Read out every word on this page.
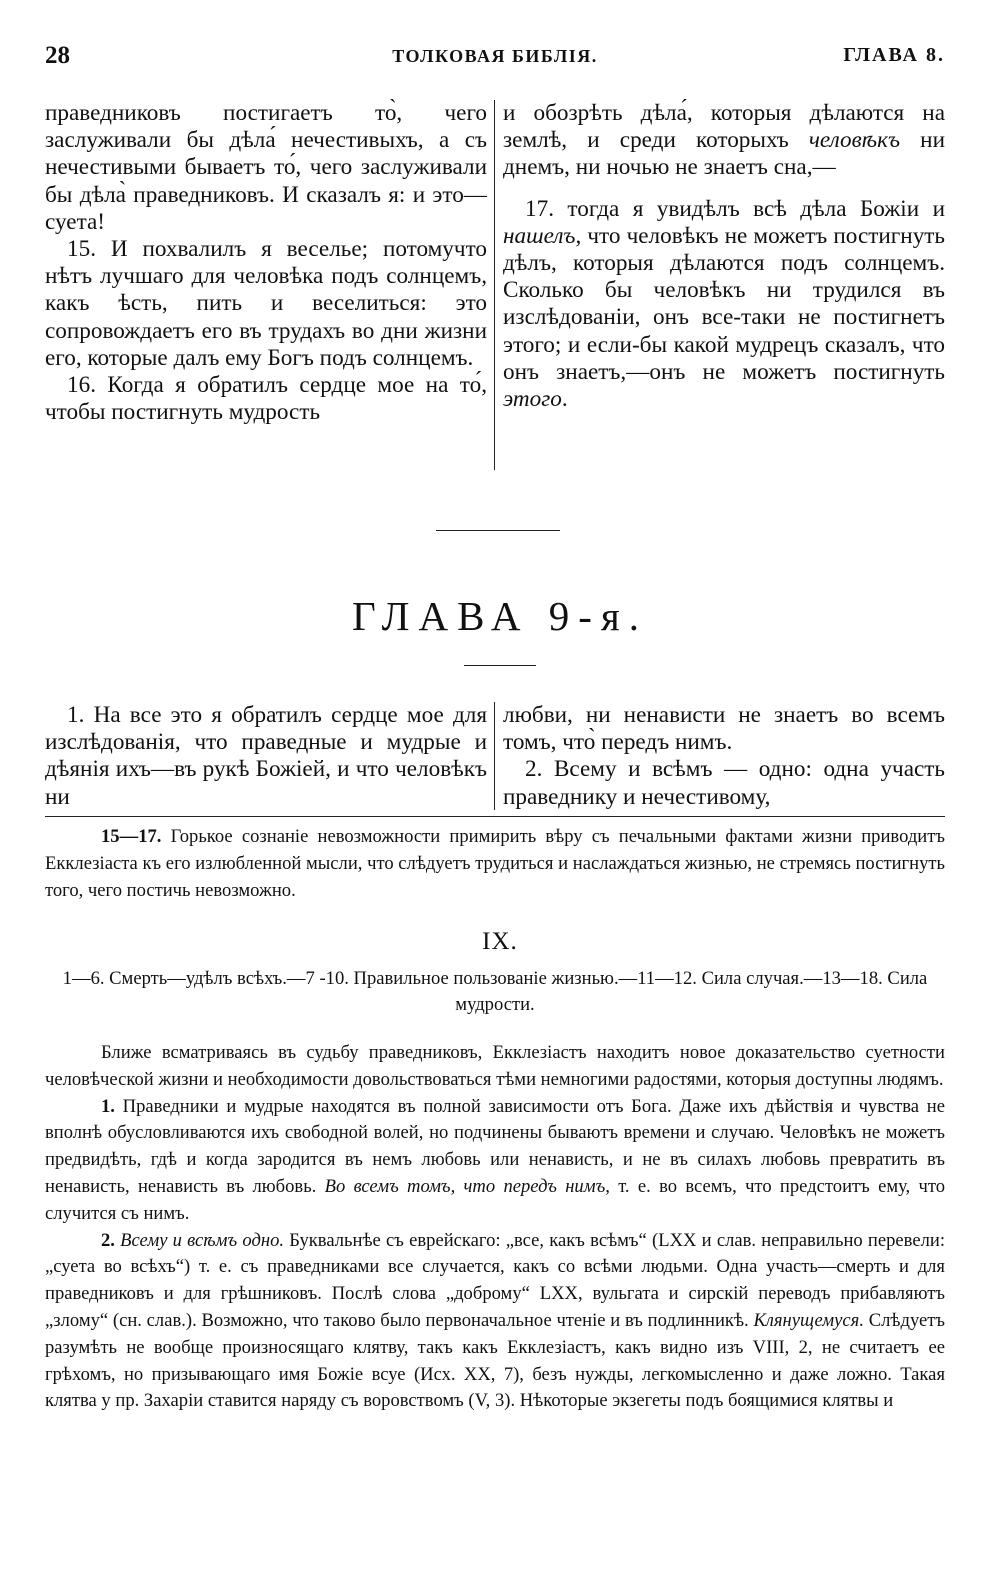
28	ТОЛКОВАЯ БИБЛІЯ.	ГЛАВА 8.

праведниковъ постигаетъ то̀, чего заслуживали бы дѣла́ нечестивыхъ, а съ нечестивыми бываетъ то́, чего заслуживали бы дѣла̀ праведниковъ. И сказалъ я: и это—суета!

15. И похвалилъ я веселье; потомучто нѣтъ лучшаго для человѣка подъ солнцемъ, какъ ѣсть, пить и веселиться: это сопровождаетъ его въ трудахъ во дни жизни его, которые далъ ему Богъ подъ солнцемъ.

16. Когда я обратилъ сердце мое на то́, чтобы постигнуть мудрость

и обозрѣть дѣла́, которыя дѣлаются на землѣ, и среди которыхъ человѣкъ ни днемъ, ни ночью не знаетъ сна,—

17. тогда я увидѣлъ всѣ дѣла Божіи и нашелъ, что человѣкъ не можетъ постигнуть дѣлъ, которыя дѣлаются подъ солнцемъ. Сколько бы человѣкъ ни трудился въ изслѣдованіи, онъ все-таки не постигнетъ этого; и если-бы какой мудрецъ сказалъ, что онъ знаетъ,—онъ не можетъ постигнуть этого.

ГЛАВА 9-я.

1. На все это я обратилъ сердце мое для изслѣдованія, что праведные и мудрые и дѣянія ихъ—въ рукѣ Божіей, и что человѣкъ ни

любви, ни ненависти не знаетъ во всемъ томъ, что̀ передъ нимъ.

2. Всему и всѣмъ — одно: одна участь праведнику и нечестивому,

15—17. Горькое сознаніе невозможности примирить вѣру съ печальными фактами жизни приводитъ Екклезіаста къ его излюбленной мысли, что слѣдуетъ трудиться и наслаждаться жизнью, не стремясь постигнуть того, чего постичь невозможно.

IX.
1—6. Смерть—удѣлъ всѣхъ.—7 -10. Правильное пользованіе жизнью.—11—12. Сила случая.—13—18. Сила мудрости.

Ближе всматриваясь въ судьбу праведниковъ, Екклезіастъ находитъ новое доказательство суетности человѣческой жизни и необходимости довольствоваться тѣми немногими радостями, которыя доступны людямъ.

1. Праведники и мудрые находятся въ полной зависимости отъ Бога. Даже ихъ дѣйствія и чувства не вполнѣ обусловливаются ихъ свободной волей, но подчинены бываютъ времени и случаю. Человѣкъ не можетъ предвидѣть, гдѣ и когда зародится въ немъ любовь или ненависть, и не въ силахъ любовь превратить въ ненависть, ненависть въ любовь. Во всемъ томъ, что передъ нимъ, т. е. во всемъ, что предстоитъ ему, что случится съ нимъ.

2. Всему и всѣмъ одно. Буквальнѣе съ еврейскаго: „все, какъ всѣмъ“ (LXX и слав. неправильно перевели: „суета во всѣхъ“) т. е. съ праведниками все случается, какъ со всѣми людьми. Одна участь—смерть и для праведниковъ и для грѣшниковъ. Послѣ слова „доброму“ LXX, вульгата и сирскій переводъ прибавляютъ „злому“ (сн. слав.). Возможно, что таково было первоначальное чтеніе и въ подлинникѣ. Клянущемуся. Слѣдуетъ разумѣть не вообще произносящаго клятву, такъ какъ Екклезіастъ, какъ видно изъ VIII, 2, не считаетъ ее грѣхомъ, но призывающаго имя Божіе всуе (Исх. XX, 7), безъ нужды, легкомысленно и даже ложно. Такая клятва у пр. Захаріи ставится наряду съ воровствомъ (V, 3). Нѣкоторые экзегеты подъ боящимися клятвы и
